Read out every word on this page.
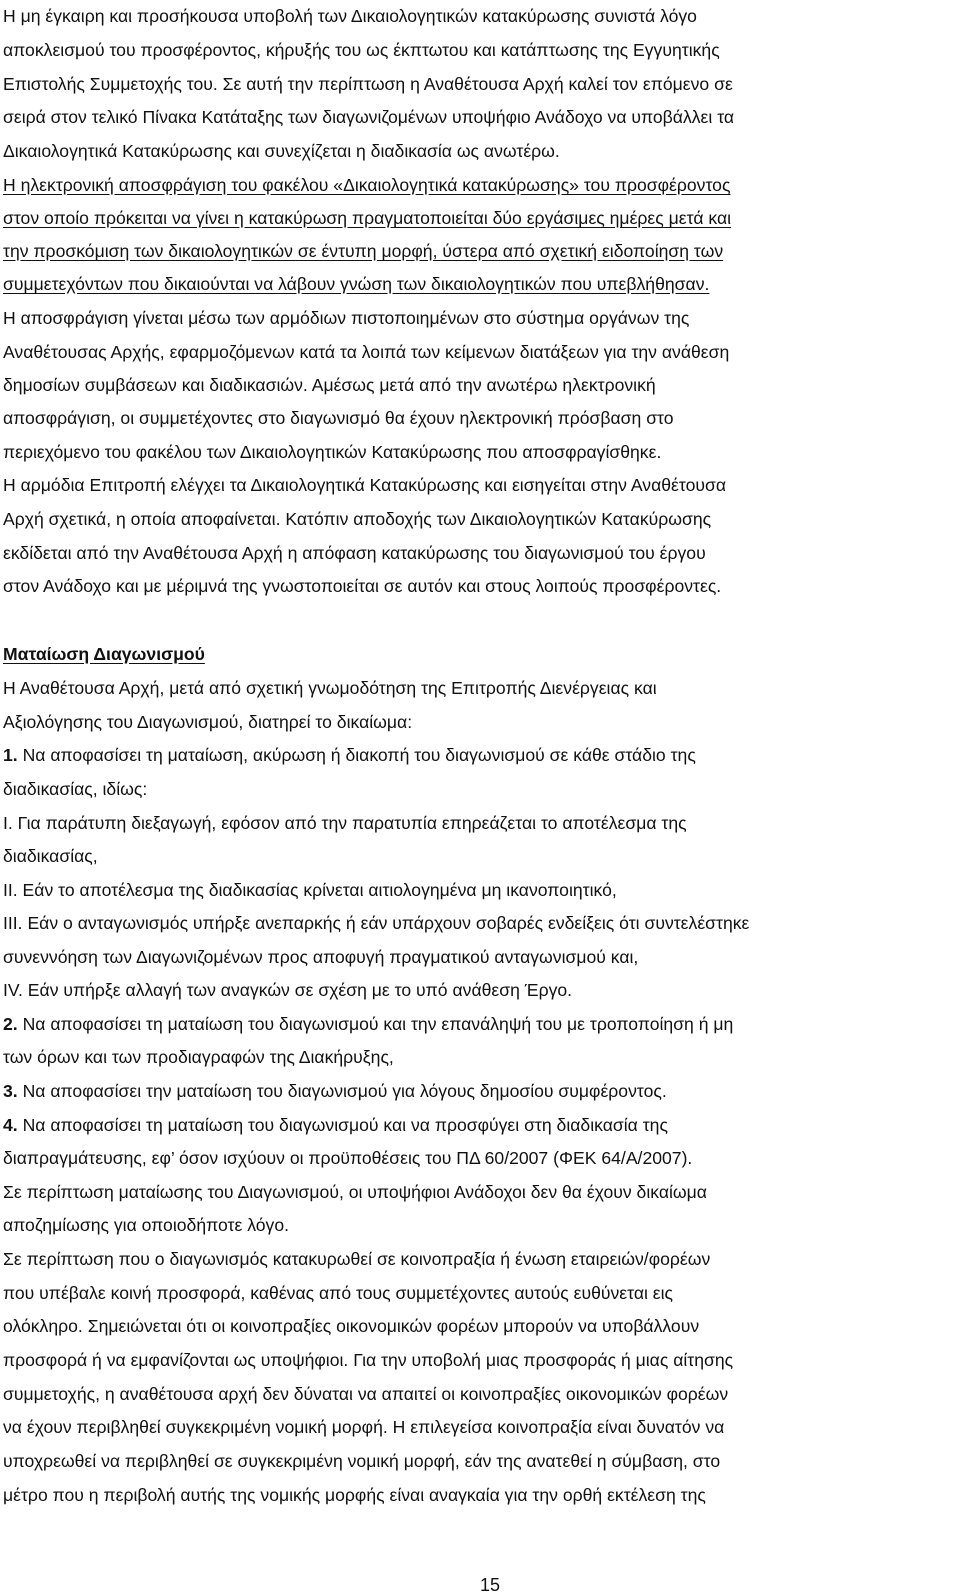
Η μη έγκαιρη και προσήκουσα υποβολή των Δικαιολογητικών κατακύρωσης συνιστά λόγο

αποκλεισμού του προσφέροντος, κήρυξής του ως έκπτωτου και κατάπτωσης της Εγγυητικής

Επιστολής Συμμετοχής του. Σε αυτή την περίπτωση η Αναθέτουσα Αρχή καλεί τον επόμενο σε

σειρά στον τελικό Πίνακα Κατάταξης των διαγωνιζομένων υποψήφιο Ανάδοχο να υποβάλλει τα

Δικαιολογητικά Κατακύρωσης και συνεχίζεται η διαδικασία ως ανωτέρω.

Η ηλεκτρονική αποσφράγιση του φακέλου «Δικαιολογητικά κατακύρωσης» του προσφέροντος

στον οποίο πρόκειται να γίνει η κατακύρωση πραγματοποιείται δύο εργάσιμες ημέρες μετά και

την προσκόμιση των δικαιολογητικών σε έντυπη μορφή, ύστερα από σχετική ειδοποίηση των

συμμετεχόντων που δικαιούνται να λάβουν γνώση των δικαιολογητικών που υπεβλήθησαν.

Η αποσφράγιση γίνεται μέσω των αρμόδιων πιστοποιημένων στο σύστημα οργάνων της

Αναθέτουσας Αρχής, εφαρμοζόμενων κατά τα λοιπά των κείμενων διατάξεων για την ανάθεση

δημοσίων συμβάσεων και διαδικασιών. Αμέσως μετά από την ανωτέρω ηλεκτρονική

αποσφράγιση, οι συμμετέχοντες στο διαγωνισμό θα έχουν ηλεκτρονική πρόσβαση στο

περιεχόμενο του φακέλου των Δικαιολογητικών Κατακύρωσης που αποσφραγίσθηκε.

Η αρμόδια Επιτροπή ελέγχει τα Δικαιολογητικά Κατακύρωσης και εισηγείται στην Αναθέτουσα

Αρχή σχετικά, η οποία αποφαίνεται. Κατόπιν αποδοχής των Δικαιολογητικών Κατακύρωσης

εκδίδεται από την Αναθέτουσα Αρχή η απόφαση κατακύρωσης του διαγωνισμού του έργου

στον Ανάδοχο και με μέριμνά της γνωστοποιείται σε αυτόν και στους λοιπούς προσφέροντες.

Ματαίωση Διαγωνισμού

Η Αναθέτουσα Αρχή, μετά από σχετική γνωμοδότηση της Επιτροπής Διενέργειας και

Αξιολόγησης του Διαγωνισμού, διατηρεί το δικαίωμα:

1. Να αποφασίσει τη ματαίωση, ακύρωση ή διακοπή του διαγωνισμού σε κάθε στάδιο της

διαδικασίας, ιδίως:

I. Για παράτυπη διεξαγωγή, εφόσον από την παρατυπία επηρεάζεται το αποτέλεσμα της

διαδικασίας,

II. Εάν το αποτέλεσμα της διαδικασίας κρίνεται αιτιολογημένα μη ικανοποιητικό,

III. Εάν ο ανταγωνισμός υπήρξε ανεπαρκής ή εάν υπάρχουν σοβαρές ενδείξεις ότι συντελέστηκε

συνεννόηση των Διαγωνιζομένων προς αποφυγή πραγματικού ανταγωνισμού και,

IV. Εάν υπήρξε αλλαγή των αναγκών σε σχέση με το υπό ανάθεση Έργο.

2. Να αποφασίσει τη ματαίωση του διαγωνισμού και την επανάληψή του με τροποποίηση ή μη

των όρων και των προδιαγραφών της Διακήρυξης,

3. Να αποφασίσει την ματαίωση του διαγωνισμού για λόγους δημοσίου συμφέροντος.

4. Να αποφασίσει τη ματαίωση του διαγωνισμού και να προσφύγει στη διαδικασία της

διαπραγμάτευσης, εφ’ όσον ισχύουν οι προϋποθέσεις του ΠΔ 60/2007 (ΦΕΚ 64/Α/2007).

Σε περίπτωση ματαίωσης του Διαγωνισμού, οι υποψήφιοι Ανάδοχοι δεν θα έχουν δικαίωμα

αποζημίωσης για οποιοδήποτε λόγο.

Σε περίπτωση που ο διαγωνισμός κατακυρωθεί σε κοινοπραξία ή ένωση εταιρειών/φορέων

που υπέβαλε κοινή προσφορά, καθένας από τους συμμετέχοντες αυτούς ευθύνεται εις

ολόκληρο. Σημειώνεται ότι οι κοινοπραξίες οικονομικών φορέων μπορούν να υποβάλλουν

προσφορά ή να εμφανίζονται ως υποψήφιοι. Για την υποβολή μιας προσφοράς ή μιας αίτησης

συμμετοχής, η αναθέτουσα αρχή δεν δύναται να απαιτεί οι κοινοπραξίες οικονομικών φορέων

να έχουν περιβληθεί συγκεκριμένη νομική μορφή. Η επιλεγείσα κοινοπραξία είναι δυνατόν να

υποχρεωθεί να περιβληθεί σε συγκεκριμένη νομική μορφή, εάν της ανατεθεί η σύμβαση, στο

μέτρο που η περιβολή αυτής της νομικής μορφής είναι αναγκαία για την ορθή εκτέλεση της

15
